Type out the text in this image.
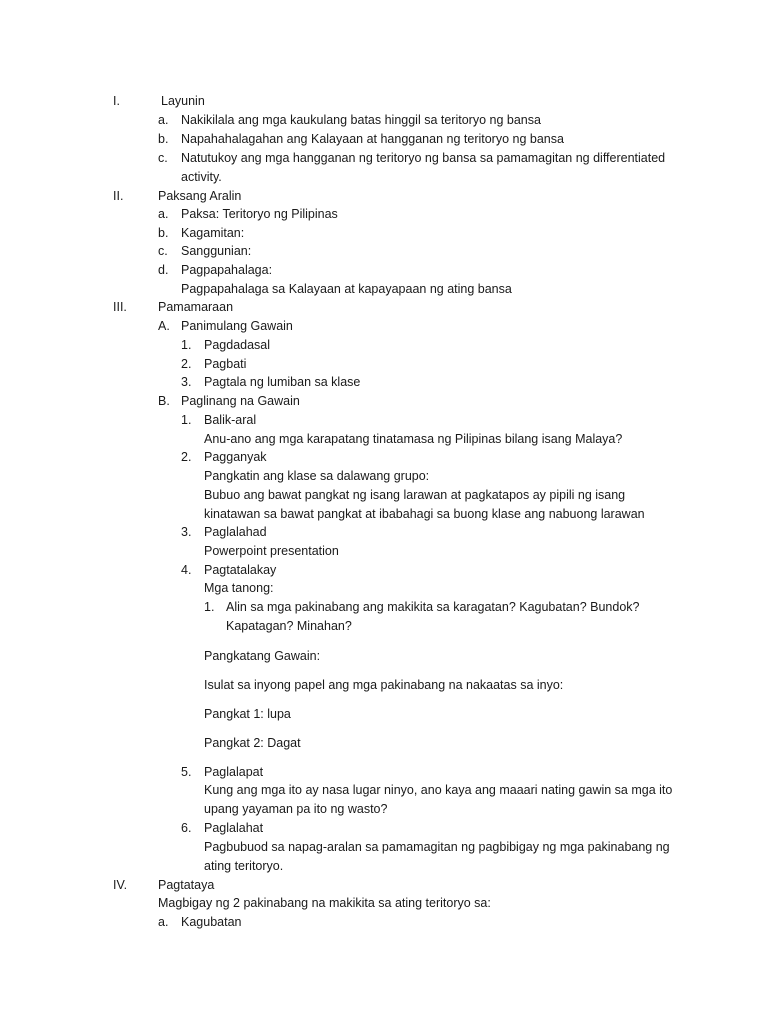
I.	Layunin
a. Nakikilala ang mga kaukulang batas hinggil sa teritoryo ng bansa
b. Napahahalagahan ang Kalayaan at hangganan ng teritoryo ng bansa
c. Natutukoy ang mga hangganan ng teritoryo ng bansa sa pamamagitan ng differentiated
activity.
II.	Paksang Aralin
a. Paksa: Teritoryo ng Pilipinas
b. Kagamitan:
c. Sanggunian:
d. Pagpapahalaga:
Pagpapahalaga sa Kalayaan at kapayapaan ng ating bansa
III. Pamamaraan
A. Panimulang Gawain
1. Pagdadasal
2. Pagbati
3. Pagtala ng lumiban sa klase
B. Paglinang na Gawain
1. Balik-aral
Anu-ano ang mga karapatang tinatamasa ng Pilipinas bilang isang Malaya?
2. Pagganyak
Pangkatin ang klase sa dalawang grupo:
Bubuo ang bawat pangkat ng isang larawan at pagkatapos ay pipili ng isang
kinatawan sa bawat pangkat at ibabahagi sa buong klase ang nabuong larawan
3. Paglalahad
Powerpoint presentation
4. Pagtatalakay
Mga tanong:
1. Alin sa mga pakinabang ang makikita sa karagatan? Kagubatan? Bundok?
Kapatagan? Minahan?
Pangkatang Gawain:
Isulat sa inyong papel ang mga pakinabang na nakaatas sa inyo:
Pangkat 1: lupa
Pangkat 2: Dagat
5. Paglalapat
Kung ang mga ito ay nasa lugar ninyo, ano kaya ang maaari nating gawin sa mga ito
upang yayaman pa ito ng wasto?
6. Paglalahat
Pagbubuod sa napag-aralan sa pamamagitan ng pagbibigay ng mga pakinabang ng
ating teritoryo.
IV. Pagtataya
Magbigay ng 2 pakinabang na makikita sa ating teritoryo sa:
a. Kagubatan
